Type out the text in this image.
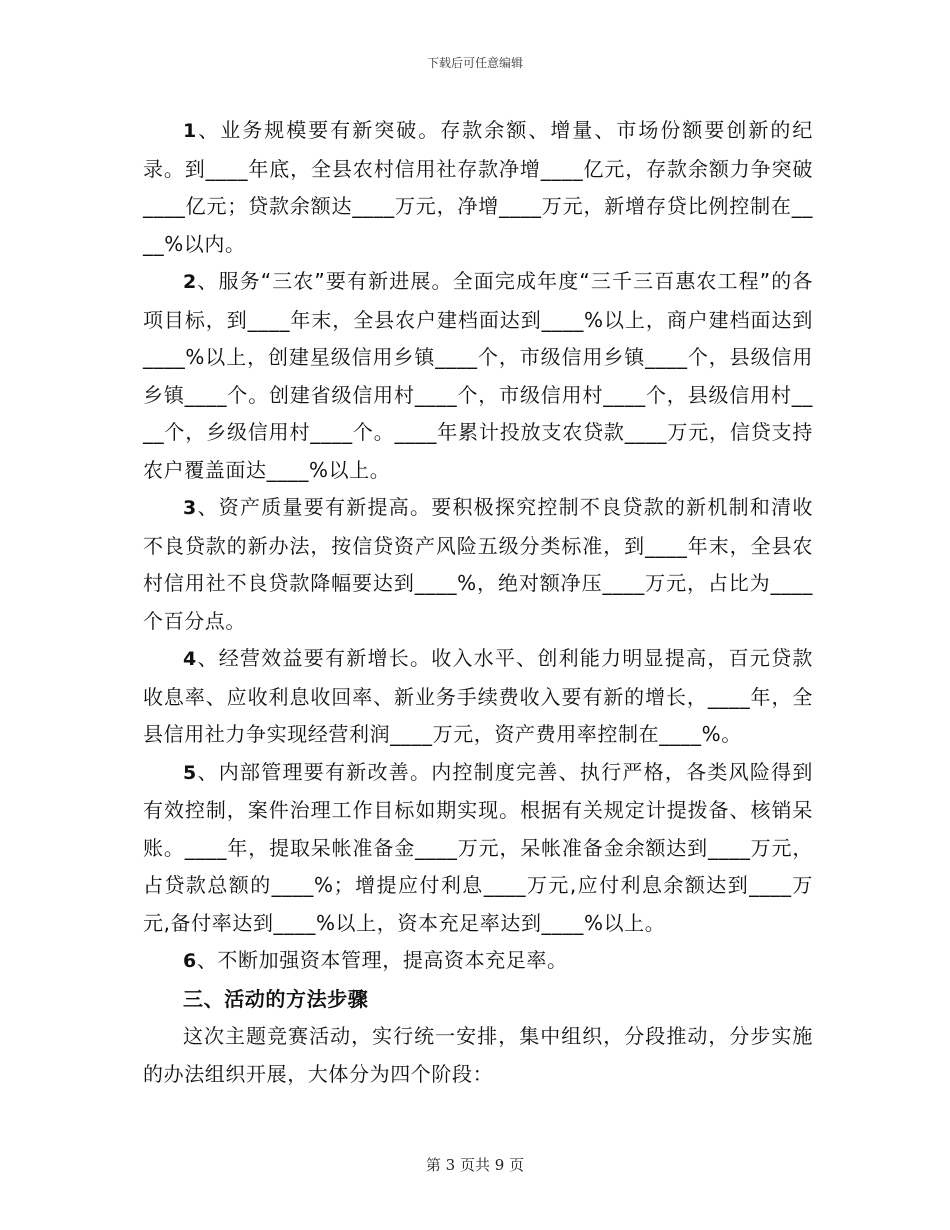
下载后可任意编辑

1、业务规模要有新突破。存款余额、增量、市场份额要创新的纪录。到____年底，全县农村信用社存款净增____亿元，存款余额力争突破____亿元；贷款余额达____万元，净增____万元，新增存贷比例控制在____%以内。

2、服务“三农”要有新进展。全面完成年度“三千三百惠农工程”的各项目标，到____年末，全县农户建档面达到____%以上，商户建档面达到____%以上，创建星级信用乡镇____个，市级信用乡镇____个，县级信用乡镇____个。创建省级信用村____个，市级信用村____个，县级信用村____个，乡级信用村____个。____年累计投放支农贷款____万元，信贷支持农户覆盖面达____%以上。

3、资产质量要有新提高。要积极探究控制不良贷款的新机制和清收不良贷款的新办法，按信贷资产风险五级分类标准，到____年末，全县农村信用社不良贷款降幅要达到____%，绝对额净压____万元，占比为____个百分点。

4、经营效益要有新增长。收入水平、创利能力明显提高，百元贷款收息率、应收利息收回率、新业务手续费收入要有新的增长，____年，全县信用社力争实现经营利润____万元，资产费用率控制在____%。

5、内部管理要有新改善。内控制度完善、执行严格，各类风险得到有效控制，案件治理工作目标如期实现。根据有关规定计提拨备、核销呆账。____年，提取呆帐准备金____万元，呆帐准备金余额达到____万元，占贷款总额的____%；增提应付利息____万元,应付利息余额达到____万元,备付率达到____%以上，资本充足率达到____%以上。

6、不断加强资本管理，提高资本充足率。

三、活动的方法步骤

这次主题竞赛活动，实行统一安排，集中组织，分段推动，分步实施的办法组织开展，大体分为四个阶段：

第 3 页共 9 页
